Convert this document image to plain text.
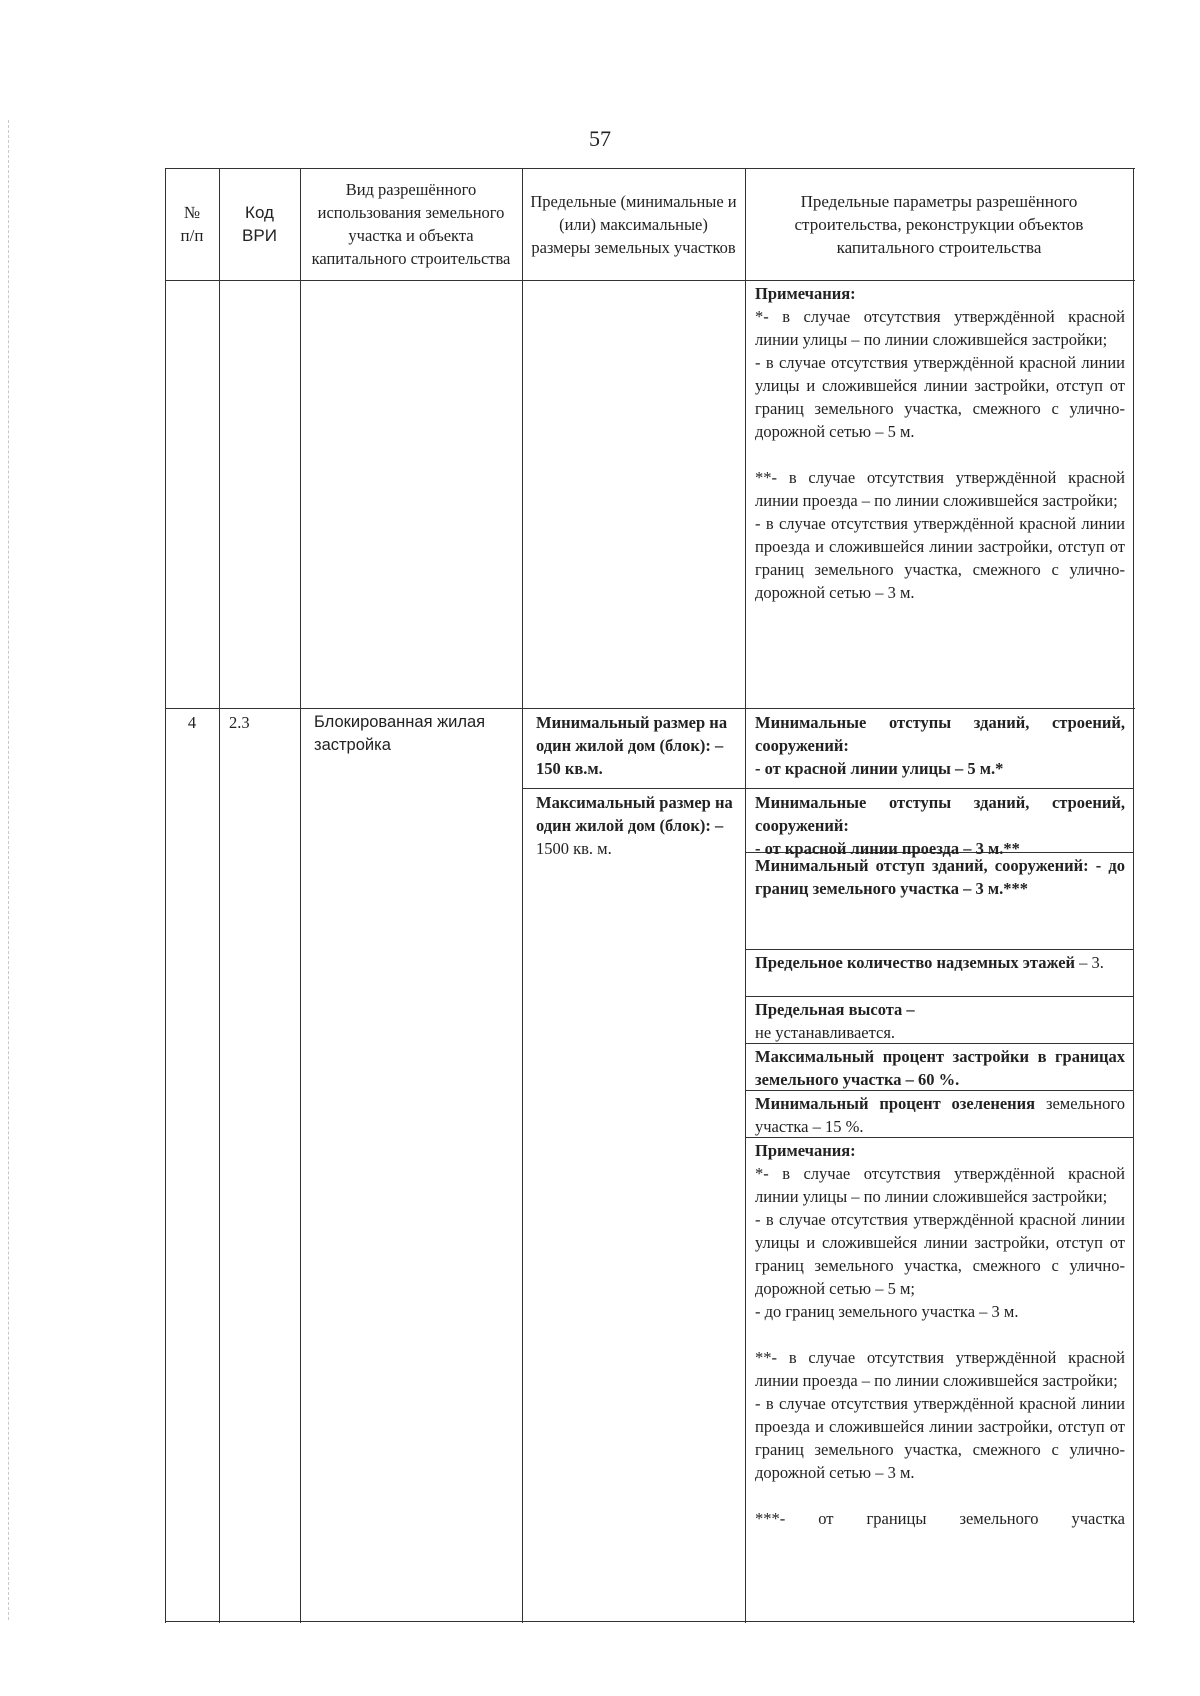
57
№
п/п
Код
ВРИ
Вид разрешённого использования земельного участка и объекта капитального строительства
Предельные (минимальные и (или) максимальные) размеры земельных участков
Предельные параметры разрешённого строительства, реконструкции объектов капитального строительства

Примечания:

*- в случае отсутствия утверждённой красной линии улицы – по линии сложившейся застройки;

- в случае отсутствия утверждённой красной линии улицы и сложившейся линии застройки, отступ от границ земельного участка, смежного с улично-дорожной сетью – 5 м.

**- в случае отсутствия утверждённой красной линии проезда – по линии сложившейся застройки;

- в случае отсутствия утверждённой красной линии проезда и сложившейся линии застройки, отступ от границ земельного участка, смежного с улично-дорожной сетью – 3 м.

4	2.3	Блокированная жилая застройка
Минимальный размер на один жилой дом (блок): –150 кв.м.
Максимальный размер на один жилой дом (блок): –
1500 кв. м.
Минимальные отступы зданий, строений, сооружений:
- от красной линии улицы – 5 м.*
Минимальные отступы зданий, строений, сооружений:
- от красной линии проезда – 3 м.**
Минимальный отступ зданий, сооружений: - до границ земельного участка – 3 м.***
Предельное количество надземных этажей – 3.
Предельная высота –
не устанавливается.
Максимальный процент застройки в границах земельного участка – 60 %.
Минимальный процент озеленения земельного участка – 15 %.

Примечания:

*- в случае отсутствия утверждённой красной линии улицы – по линии сложившейся застройки;

- в случае отсутствия утверждённой красной линии улицы и сложившейся линии застройки, отступ от границ земельного участка, смежного с улично-дорожной сетью – 5 м;

- до границ земельного участка – 3 м.

**- в случае отсутствия утверждённой красной линии проезда – по линии сложившейся застройки;

- в случае отсутствия утверждённой красной линии проезда и сложившейся линии застройки, отступ от границ земельного участка, смежного с улично-дорожной сетью – 3 м.

***- от границы земельного участка
